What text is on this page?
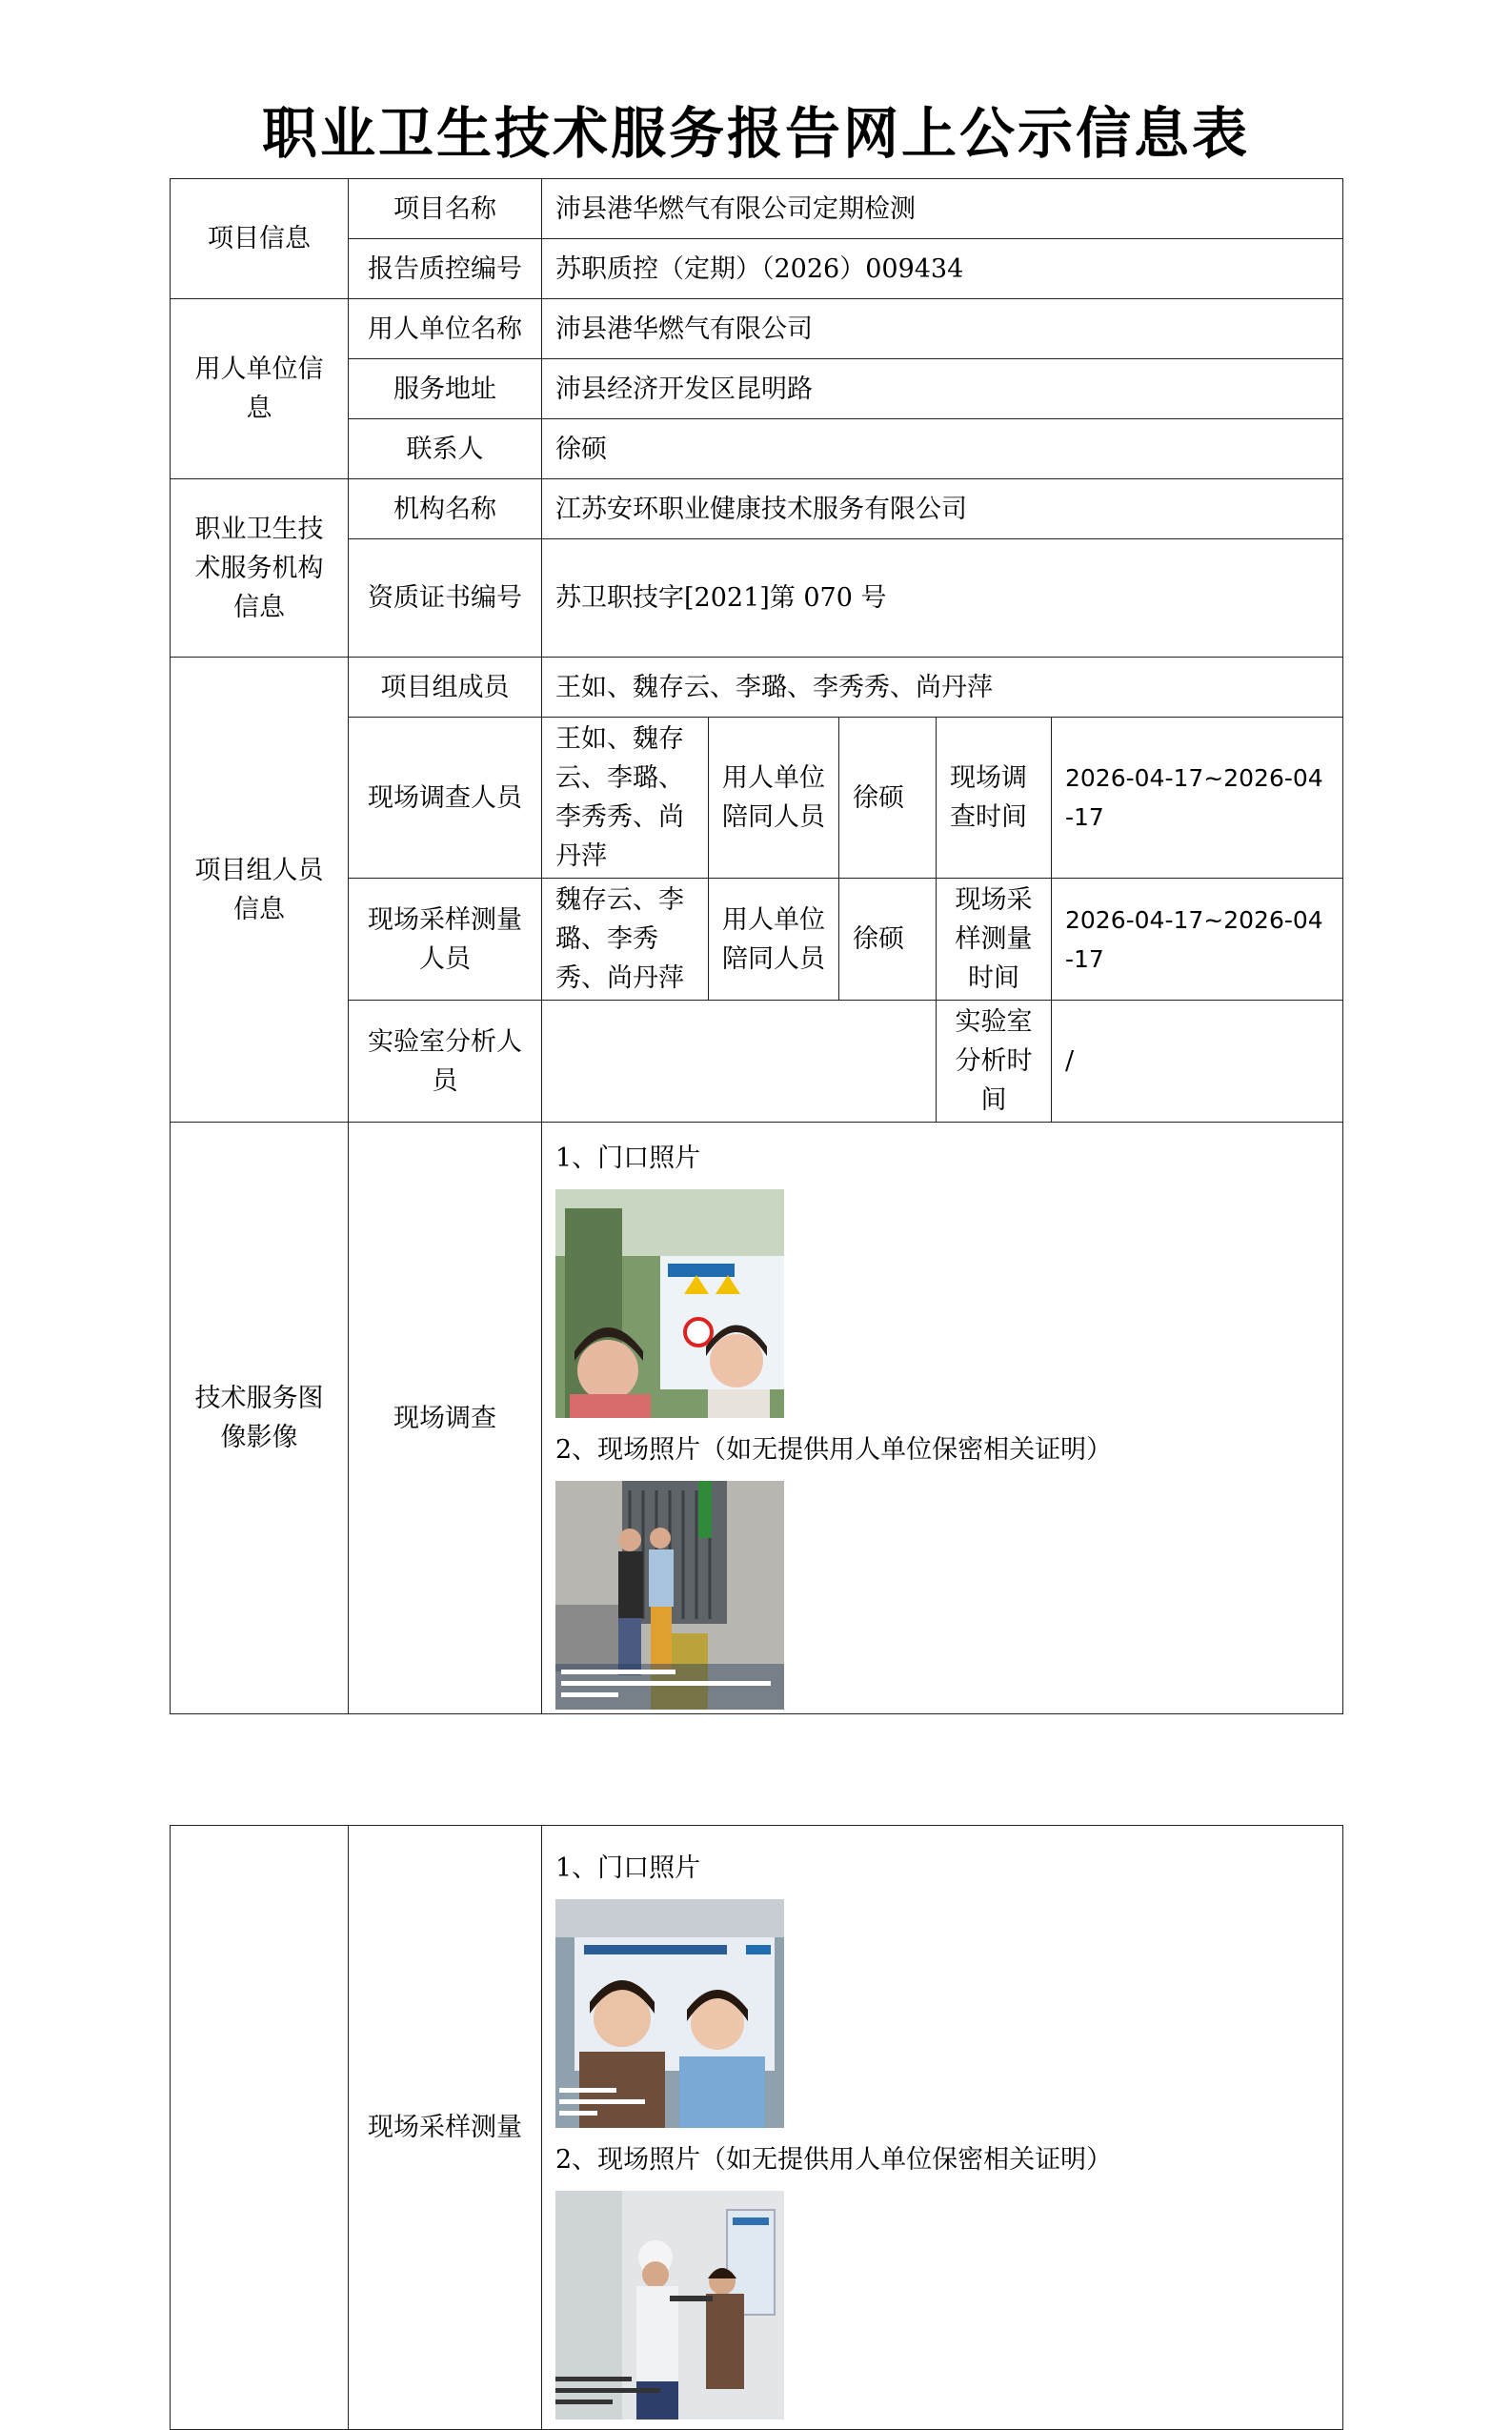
职业卫生技术服务报告网上公示信息表
项目信息	项目名称	沛县港华燃气有限公司定期检测				
	报告质控编号	苏职质控（定期）（2026）009434				
用人单位信息	用人单位名称	沛县港华燃气有限公司				
	服务地址	沛县经济开发区昆明路				
	联系人	徐硕				
职业卫生技术服务机构信息	机构名称	江苏安环职业健康技术服务有限公司				
	资质证书编号	苏卫职技字[2021]第 070 号				
项目组人员信息	项目组成员	王如、魏存云、李璐、李秀秀、尚丹萍				
	现场调查人员	王如、魏存云、李璐、李秀秀、尚丹萍	用人单位陪同人员	徐硕	现场调查时间	2026-04-17~2026-04-17
	现场采样测量人员	魏存云、李璐、李秀秀、尚丹萍	用人单位陪同人员	徐硕	现场采样测量时间	2026-04-17~2026-04-17
	实验室分析人员				实验室分析时间	/
技术服务图像影像	现场调查	1、门口照片
2、现场照片（如无提供用人单位保密相关证明）				
	现场采样测量	
1、门口照片
2、现场照片（如无提供用人单位保密相关证明）
